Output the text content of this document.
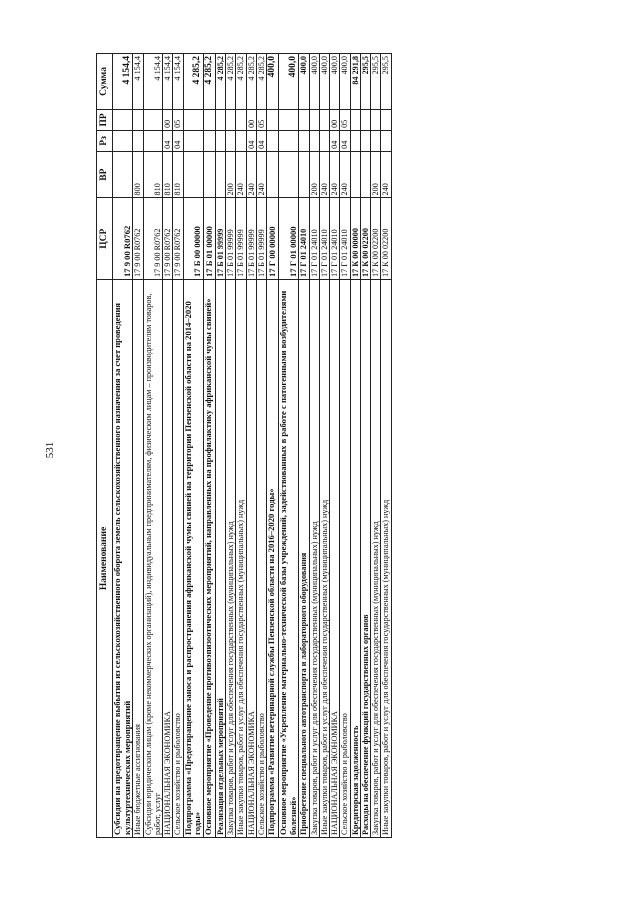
531
Наименование	ЦСР	ВР	Рз	ПР	Сумма
Субсидии на предотвращение выбытия из сельскохозяйственного оборота земель сельскохозяйственного назначения за счет проведения культуртехнических мероприятий	17 9 00 R0762				4 154,4
Иные бюджетные ассигнования	17 9 00 R0762	800			4 154,4
Субсидии юридическим лицам (кроме некоммерческих организаций), индивидуальным предпринимателям, физическим лицам – производителям товаров, работ, услуг	17 9 00 R0762	810			4 154,4
НАЦИОНАЛЬНАЯ ЭКОНОМИКА	17 9 00 R0762	810	04	00	4 154,4
Сельское хозяйство и рыболовство	17 9 00 R0762	810	04	05	4 154,4
Подпрограмма «Предотвращение заноса и распространения африканской чумы свиней на территории Пензенской области на 2014–2020 годы»	17 Б 00 00000				4 285,2
Основное мероприятие «Проведение противоэпизоотических мероприятий, направленных на профилактику африканской чумы свиней»	17 Б 01 00000				4 285,2
Реализация отдельных мероприятий	17 Б 01 99999				4 285,2
Закупка товаров, работ и услуг для обеспечения государственных (муниципальных) нужд	17 Б 01 99999	200			4 285,2
Иные закупки товаров, работ и услуг для обеспечения государственных (муниципальных) нужд	17 Б 01 99999	240			4 285,2
НАЦИОНАЛЬНАЯ ЭКОНОМИКА	17 Б 01 99999	240	04	00	4 285,2
Сельское хозяйство и рыболовство	17 Б 01 99999	240	04	05	4 285,2
Подпрограмма «Развитие ветеринарной службы Пензенской области на 2016–2020 годы»	17 Г 00 00000				400,0
Основное мероприятие «Укрепление материально-технической базы учреждений, задействованных в работе с патогенными возбудителями болезней»	17 Г 01 00000				400,0
Приобретение специального автотранспорта и лабораторного оборудования	17 Г 01 24010				400,0
Закупка товаров, работ и услуг для обеспечения государственных (муниципальных) нужд	17 Г 01 24010	200			400,0
Иные закупки товаров, работ и услуг для обеспечения государственных (муниципальных) нужд	17 Г 01 24010	240			400,0
НАЦИОНАЛЬНАЯ ЭКОНОМИКА	17 Г 01 24010	240	04	00	400,0
Сельское хозяйство и рыболовство	17 Г 01 24010	240	04	05	400,0
Кредиторская задолженность	17 К 00 00000				84 291,8
Расходы на обеспечение функций государственных органов	17 К 00 02200				295,5
Закупка товаров, работ и услуг для обеспечения государственных (муниципальных) нужд	17 К 00 02200	200			295,5
Иные закупки товаров, работ и услуг для обеспечения государственных (муниципальных) нужд	17 К 00 02200	240			295,5
